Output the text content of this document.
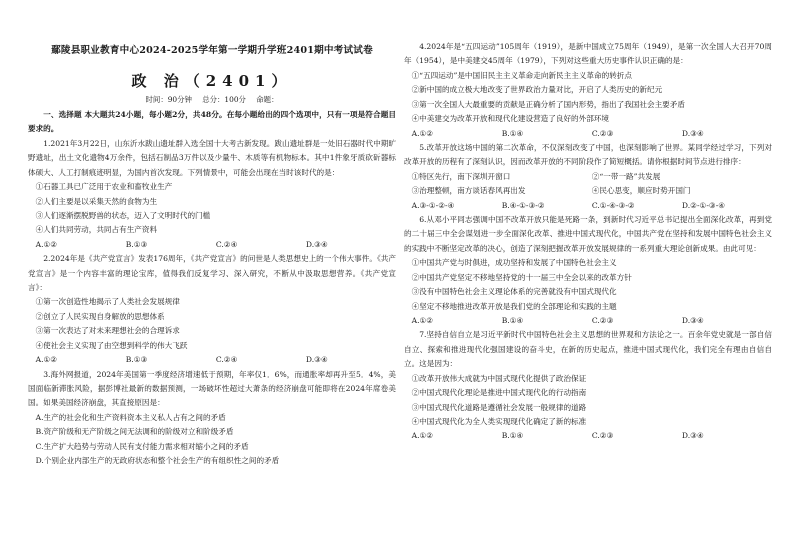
鄢陵县职业教育中心2024-2025学年第一学期升学班2401期中考试试卷
政 治（2401）
时间：90分钟 总分：100分 命题：

一、选择题 本大题共24小题，每小题2分，共48分。在每小题给出的四个选项中，只有一项是符合题目要求的。

1.2021年3月22日，山东沂水跋山遗址群入选全国十大考古新发现。跋山遗址群是一处旧石器时代中期旷野遗址，出土文化遗物4万余件，包括石制品3万件以及少量牛、木质等有机物标本。其中1件象牙质砍斫器标体硕大、人工打制痕迹明显，为国内首次发现。下列情景中，可能会出现在当时该时代的是：

①石器工具已广泛用于农业和畜牧业生产
②人们主要是以采集天然的食物为生
③人们逐渐摆脱野兽的状态，迈入了文明时代的门槛
④人们共同劳动，共同占有生产资料
A.①②	B.①③	C.②④	D.③④

2.2024年是《共产党宣言》发表176周年，《共产党宣言》的问世是人类思想史上的一个伟大事件。《共产党宣言》是一个内容丰富的理论宝库，值得我们反复学习、深入研究，不断从中汲取思想营养。《共产党宣言》：

①第一次创造性地揭示了人类社会发展规律
②创立了人民实现自身解放的思想体系
③第一次表达了对未来理想社会的合理诉求
④使社会主义实现了由空想到科学的伟大飞跃
A.①②	B.①③	C.②④	D.③④

3.海外网报道，2024年美国第一季度经济增速低于预期，年率仅1．6%，而通胀率却再升至5．4%，美国面临新滞胀风险，据彭博社最新的数据预测，一场破坏性超过大萧条的经济崩盘可能即将在2024年席卷美国。如果美国经济崩盘，其直接原因是：

A.生产的社会化和生产资料资本主义私人占有之间的矛盾
B.资产阶级和无产阶级之间无法调和的阶级对立和阶级矛盾
C.生产扩大趋势与劳动人民有支付能力需求相对缩小之间的矛盾
D.个别企业内部生产的无政府状态和整个社会生产的有组织性之间的矛盾

4.2024年是“五四运动”105周年（1919），是新中国成立75周年（1949），是第一次全国人大召开70周年（1954），是中美建交45周年（1979），下列对这些重大历史事件认识正确的是：

①“五四运动”是中国旧民主主义革命走向新民主主义革命的转折点
②新中国的成立极大地改变了世界政治力量对比，开启了人类历史的新纪元
③第一次全国人大最重要的贡献是正确分析了国内形势，指出了我国社会主要矛盾
④中美建交为改革开放和现代化建设营造了良好的外部环境
A.①②	B.①④	C.②③	D.③④

5.改革开放这场中国的第二次革命，不仅深刻改变了中国，也深刻影响了世界。某同学经过学习，下列对改革开放的历程有了深刻认识，因而改革开放的不同阶段作了简短概括。请你根据时间节点进行排序：

①特区先行，南下深圳开窗口	②“一带一路”共发展
③治理整顿，南方谈话春风再出发	④民心思变，顺应时势开国门
A.③-①-②-④	B.④-①-③-②	C.①-④-③-②	D.②-①-③-④

6.从邓小平同志强调中国不改革开放只能是死路一条，到新时代习近平总书记提出全面深化改革，再到党的二十届三中全会谋划进一步全面深化改革、推进中国式现代化，中国共产党在坚持和发展中国特色社会主义的实践中不断坚定改革的决心，创造了深刻把握改革开放发展规律的一系列重大理论创新成果。由此可见：

①中国共产党与时俱进，成功坚持和发展了中国特色社会主义
②中国共产党坚定不移地坚持党的十一届三中全会以来的改革方针
③没有中国特色社会主义理论体系的完善就没有中国式现代化
④坚定不移地推进改革开放是我们党的全部理论和实践的主题
A.①②	B.①④	C.②③	D.③④

7.坚持自信自立是习近平新时代中国特色社会主义思想的世界观和方法论之一。百余年党史就是一部自信自立、探索和推进现代化强国建设的奋斗史，在新的历史起点，推进中国式现代化，我们完全有理由自信自立。这是因为：

①改革开放伟大成就为中国式现代化提供了政治保证
②中国式现代化理论是推进中国式现代化的行动指南
③中国式现代化道路是遵循社会发展一般规律的道路
④中国式现代化为全人类实现现代化确定了新的标准
A.①②	B.①④	C.②③	D.③④
